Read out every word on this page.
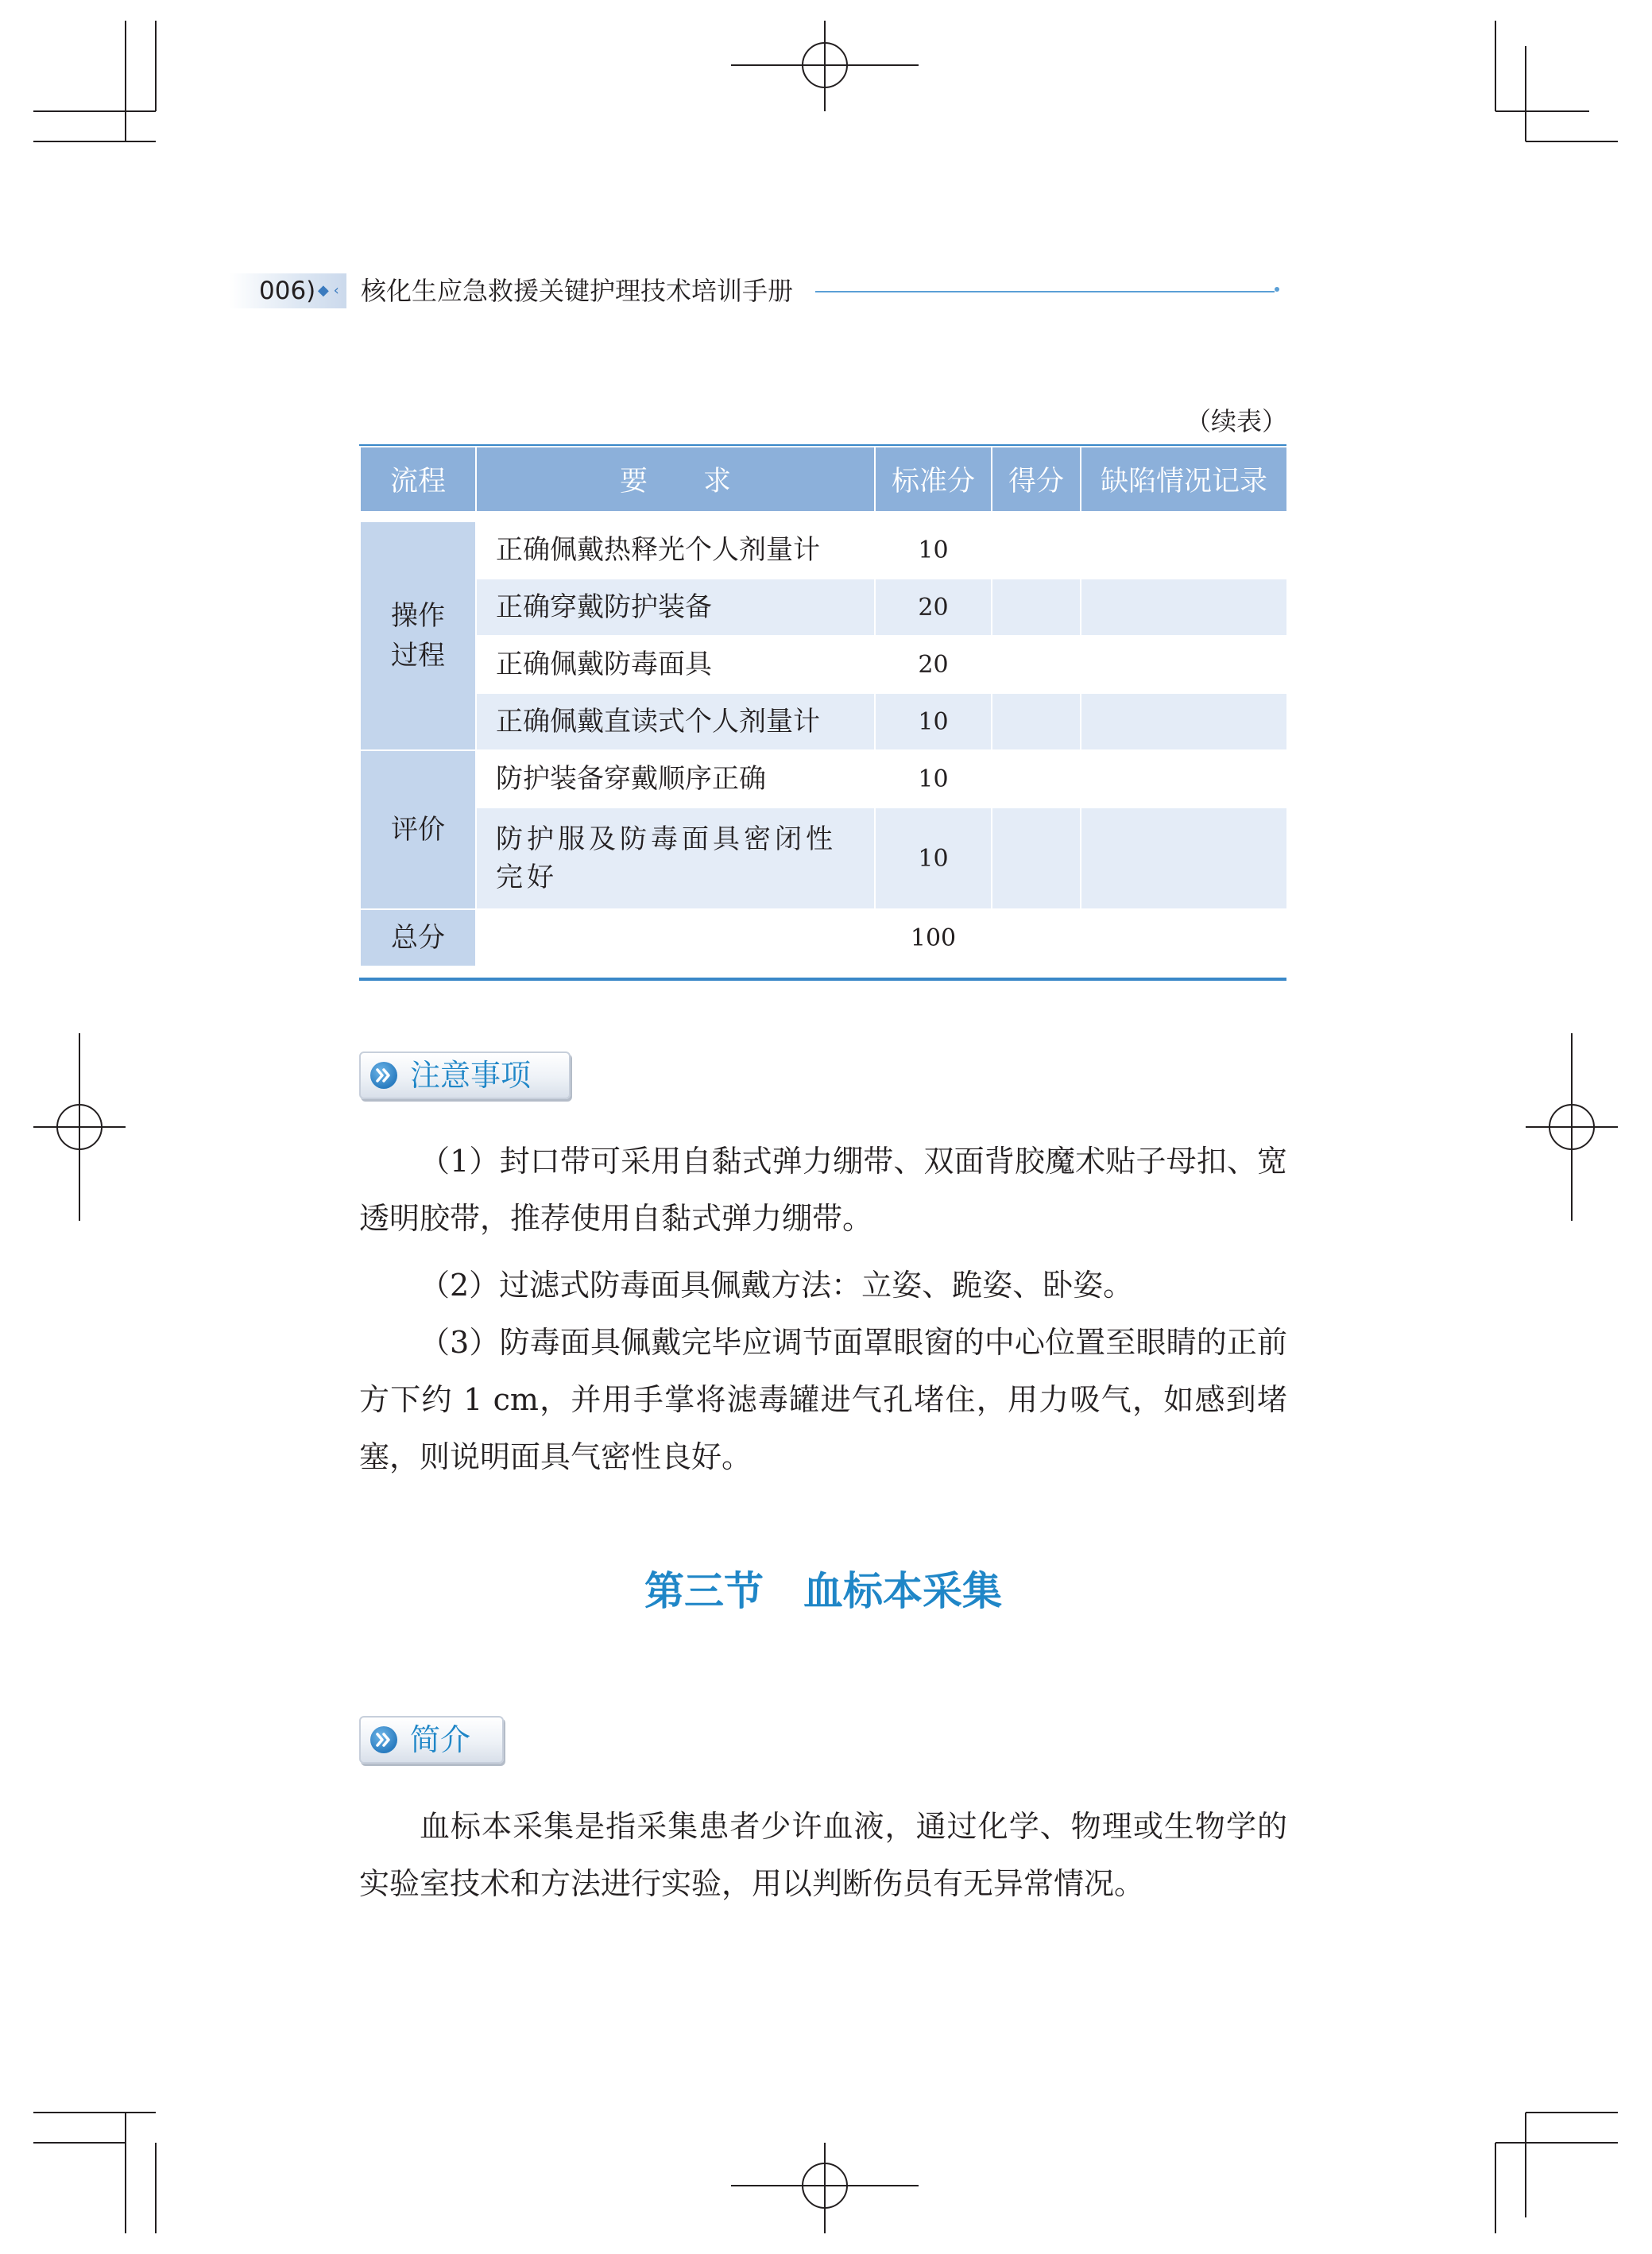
006) ◆ ‹ 核化生应急救援关键护理技术培训手册
（续表）
流程	要　　求	标准分	得分	缺陷情况记录

操作
过程	正确佩戴热释光个人剂量计	10		
	正确穿戴防护装备	20		
	正确佩戴防毒面具	20		
	正确佩戴直读式个人剂量计	10		
评价	防护装备穿戴顺序正确	10		
	防护服及防毒面具密闭性完好	10		
总分		100		
注意事项

（1）封口带可采用自黏式弹力绷带、双面背胶魔术贴子母扣、宽透明胶带，推荐使用自黏式弹力绷带。

（2）过滤式防毒面具佩戴方法：立姿、跪姿、卧姿。

（3）防毒面具佩戴完毕应调节面罩眼窗的中心位置至眼睛的正前方下约 1 cm，并用手掌将滤毒罐进气孔堵住，用力吸气，如感到堵塞，则说明面具气密性良好。

第三节　血标本采集
简介

血标本采集是指采集患者少许血液，通过化学、物理或生物学的实验室技术和方法进行实验，用以判断伤员有无异常情况。
